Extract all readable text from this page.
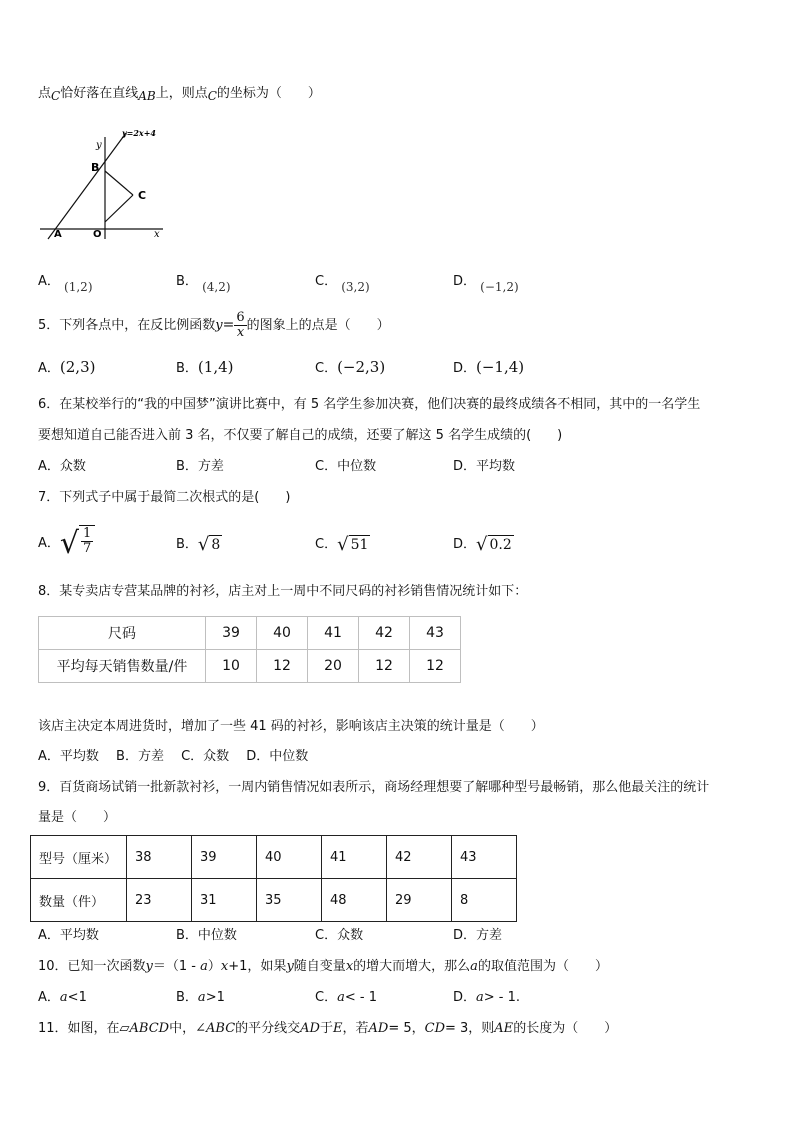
点C恰好落在直线AB上，则点C的坐标为（　　）
y=2x+4
y
x
B
C
A	O
A． (1,2)	B． (4,2)	C． (3,2)	D． (−1,2)
5．下列各点中，在反比例函数$y= \frac{6}{x}$ 的图象上的点是（　　）
A．(2,3)	B．(1,4)	C．(−2,3)	D．(−1,4)
6．在某校举行的“我的中国梦”演讲比赛中，有 5 名学生参加决赛，他们决赛的最终成绩各不相同，其中的一名学生
要想知道自己能否进入前 3 名，不仅要了解自己的成绩，还要了解这 5 名学生成绩的(　　)
A．众数	B．方差	C．中位数	D．平均数
7．下列式子中属于最简二次根式的是(　　)
A． √ $\frac{1}{7}$	B． √ 8	C． √ 51	D． √ 0.2
8．某专卖店专营某品牌的衬衫，店主对上一周中不同尺码的衬衫销售情况统计如下：
尺码	39	40	41	42	43
平均每天销售数量/件	10	12	20	12	12
该店主决定本周进货时，增加了一些 41 码的衬衫，影响该店主决策的统计量是（　　）
A．平均数　 B．方差　 C．众数　 D．中位数
9．百货商场试销一批新款衬衫，一周内销售情况如表所示，商场经理想要了解哪种型号最畅销，那么他最关注的统计
量是（　　）
型号（厘米）	38	39	40	41	42	43
数量（件）	23	31	35	48	29	8
A．平均数	B．中位数	C．众数	D．方差
10．已知一次函数y＝（1 - a）x+1，如果y随自变量x的增大而增大，那么a的取值范围为（　　）
A．a<1	B．a>1	C．a< - 1	D．a> - 1.
11．如图，在▱ABCD中，∠ABC的平分线交AD于E，若AD= 5，CD= 3，则AE的长度为（　　）
